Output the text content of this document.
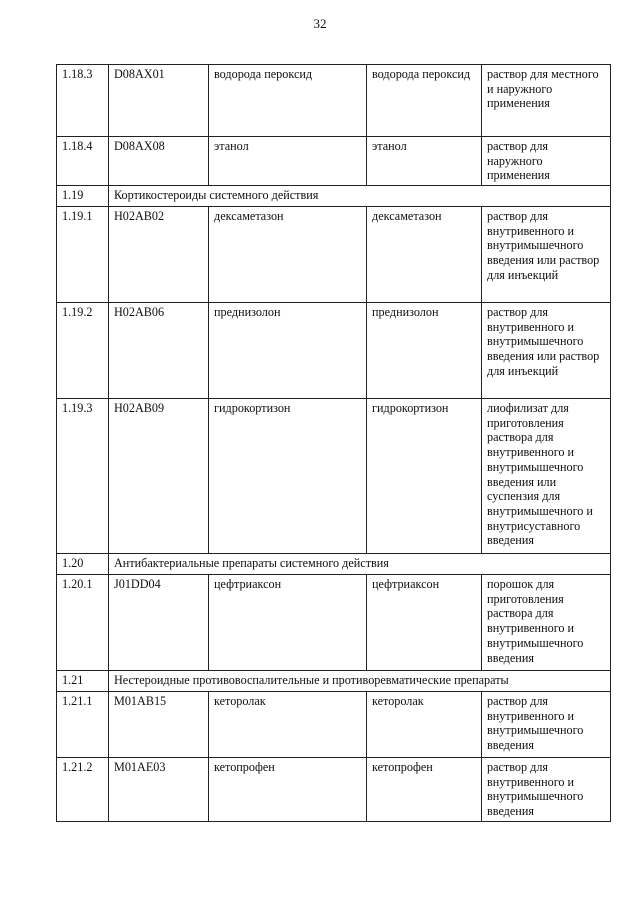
32
1.18.3	D08AX01	водорода пероксид	водорода пероксид	раствор для местного и наружного применения
1.18.4	D08AX08	этанол	этанол	раствор для наружного применения
1.19	Кортикостероиды системного действия			
1.19.1	H02AB02	дексаметазон	дексаметазон	раствор для внутривенного и внутримышечного введения или раствор для инъекций
1.19.2	H02AB06	преднизолон	преднизолон	раствор для внутривенного и внутримышечного введения или раствор для инъекций
1.19.3	H02AB09	гидрокортизон	гидрокортизон	лиофилизат для приготовления раствора для внутривенного и внутримышечного введения или суспензия для внутримышечного и внутрисуставного введения
1.20	Антибактериальные препараты системного действия			
1.20.1	J01DD04	цефтриаксон	цефтриаксон	порошок для приготовления раствора для внутривенного и внутримышечного введения
1.21	Нестероидные противовоспалительные и противоревматические препараты			
1.21.1	M01AB15	кеторолак	кеторолак	раствор для внутривенного и внутримышечного введения
1.21.2	M01AE03	кетопрофен	кетопрофен	раствор для внутривенного и внутримышечного введения
